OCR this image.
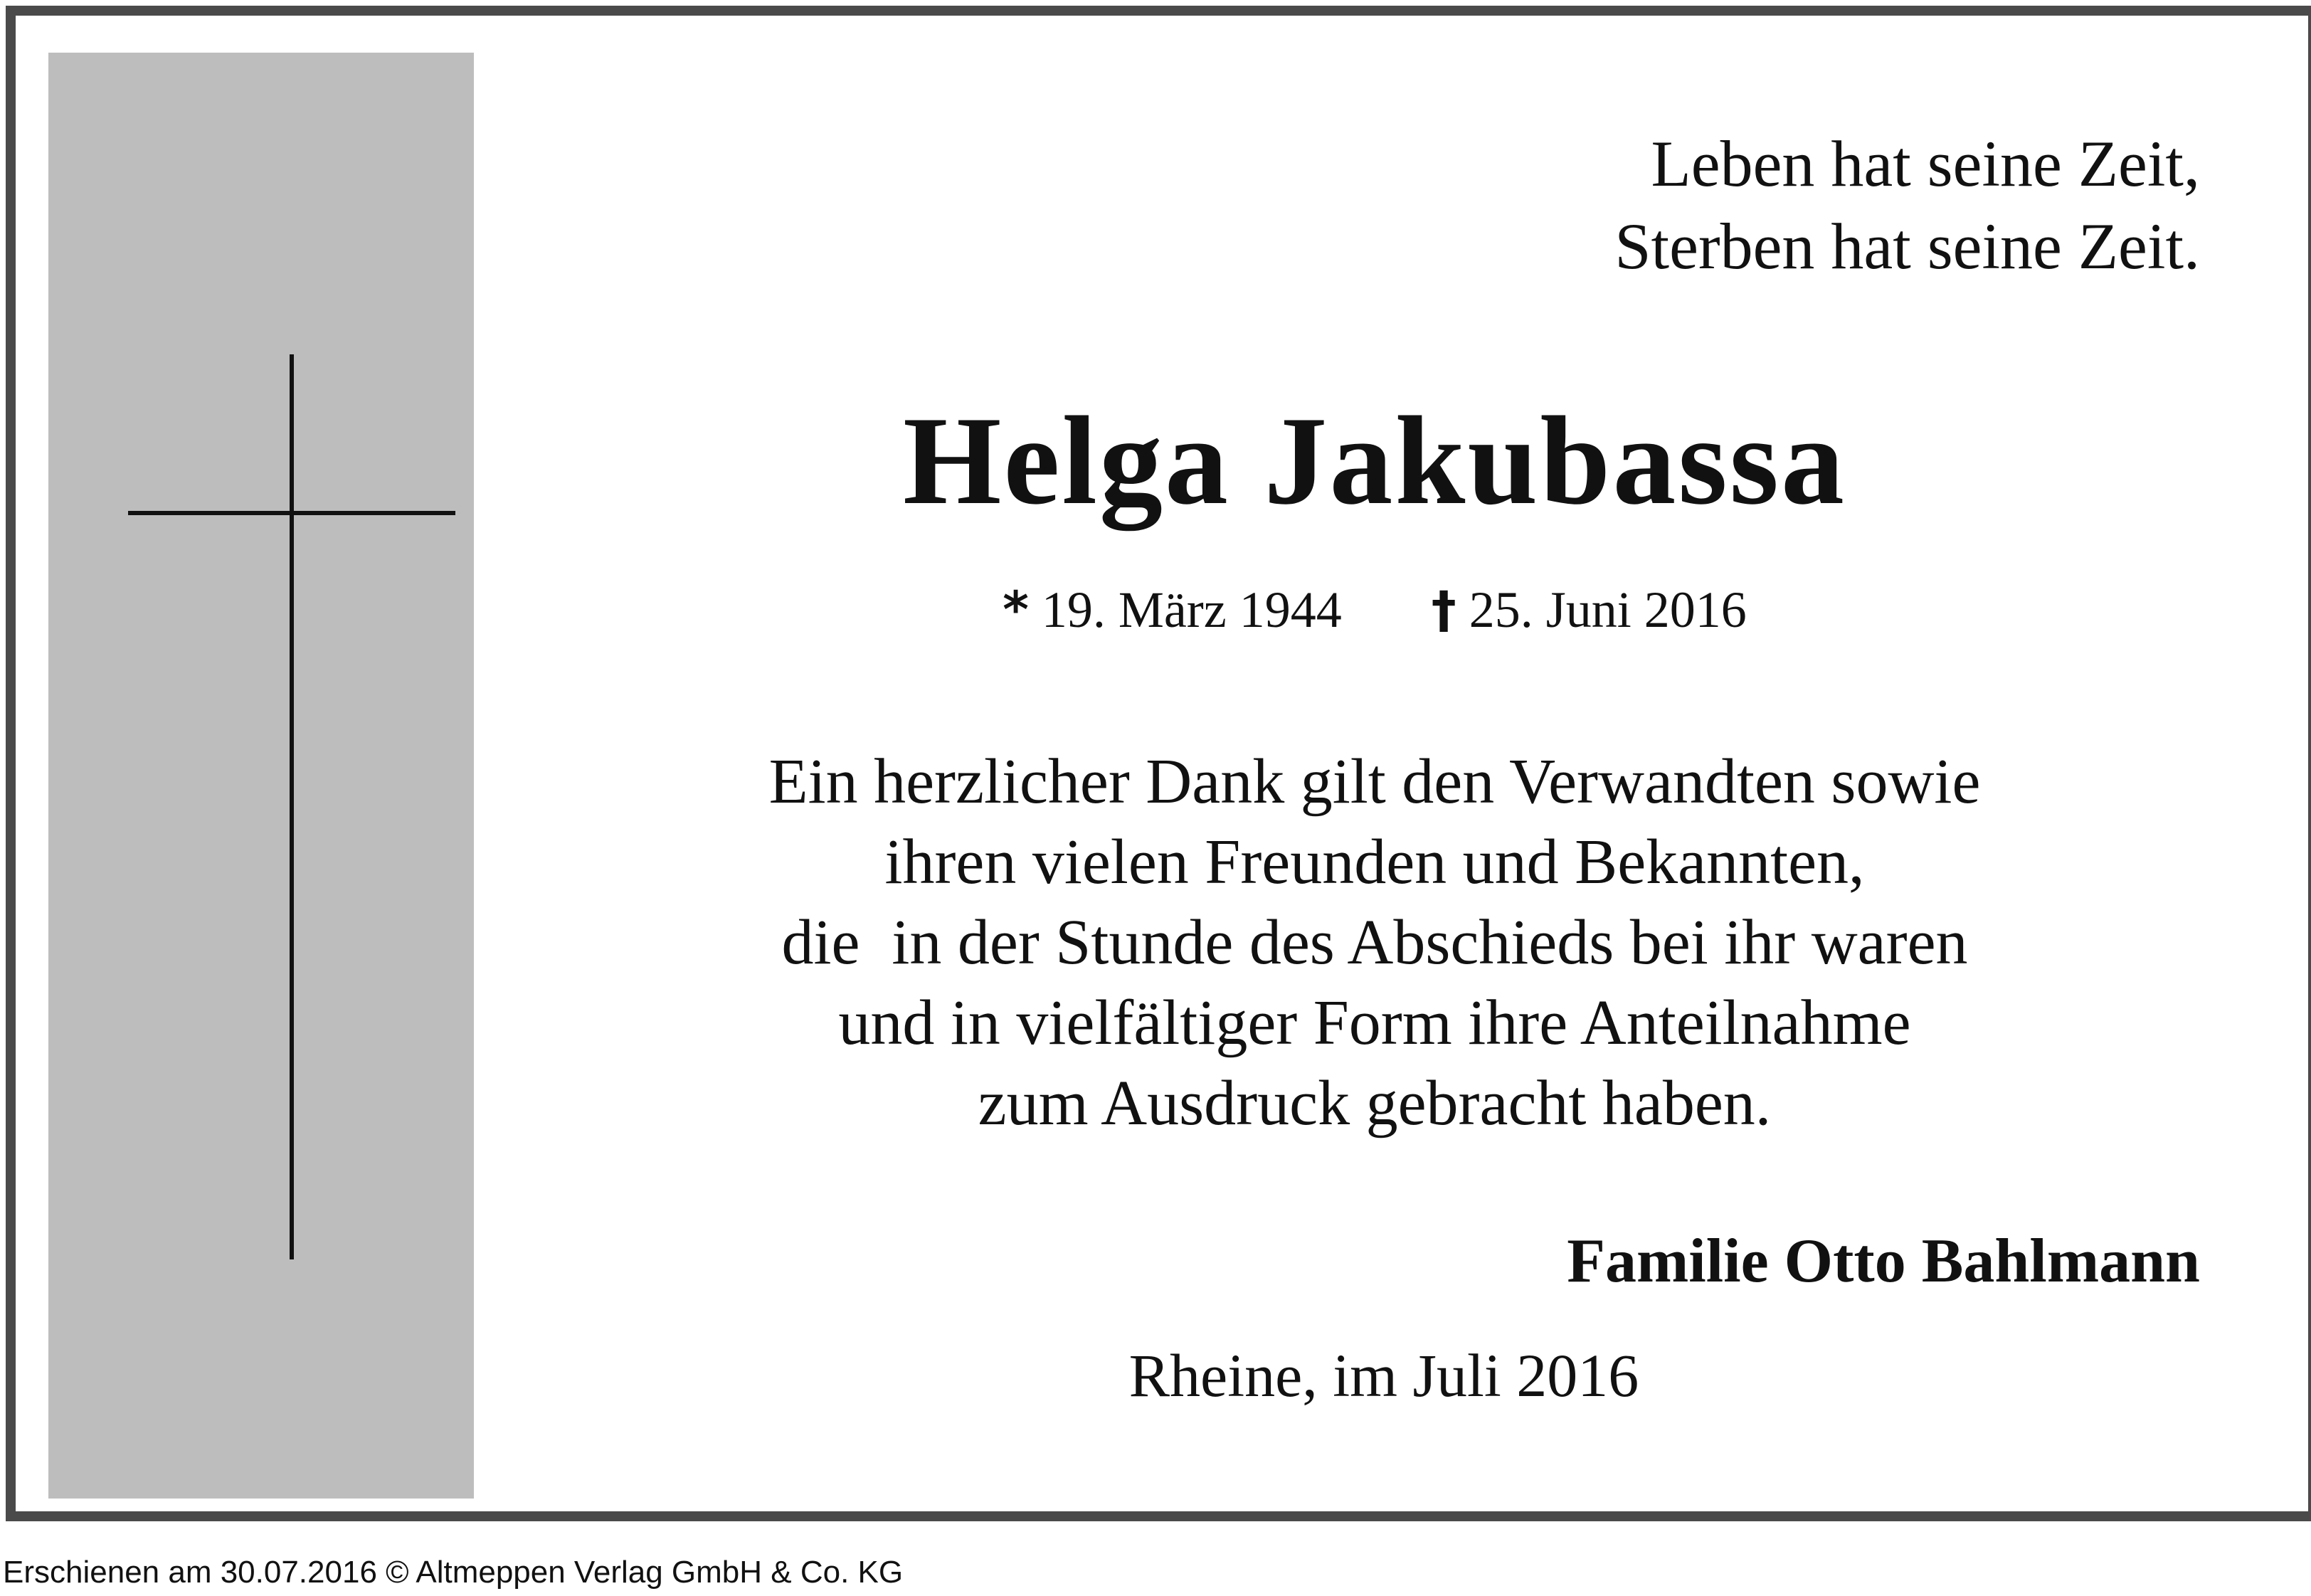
Leben hat seine Zeit,
Sterben hat seine Zeit.
Helga Jakubassa
* 19. März 1944 † 25. Juni 2016
Ein herzlicher Dank gilt den Verwandten sowie
ihren vielen Freunden und Bekannten,
die  in der Stunde des Abschieds bei ihr waren
und in vielfältiger Form ihre Anteilnahme
zum Ausdruck gebracht haben.
Familie Otto Bahlmann
Rheine, im Juli 2016
Erschienen am 30.07.2016 © Altmeppen Verlag GmbH & Co. KG
